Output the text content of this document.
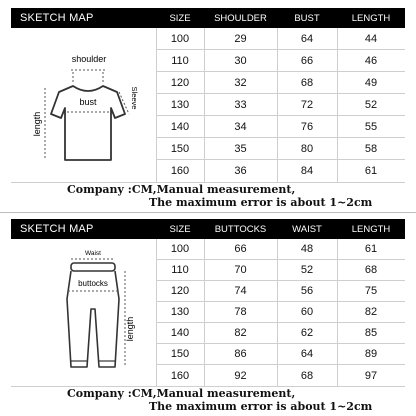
SKETCH MAP	SIZE	SHOULDER	BUST	LENGTH
shoulder
bust
length
Sleeve
100	29	64	44
110	30	66	46
120	32	68	49
130	33	72	52
140	34	76	55
150	35	80	58
160	36	84	61
Company :CM,Manual measurement,
The maximum error is about 1~2cm
SKETCH MAP	SIZE	BUTTOCKS	WAIST	LENGTH
Waist
buttocks
length
100	66	48	61
110	70	52	68
120	74	56	75
130	78	60	82
140	82	62	85
150	86	64	89
160	92	68	97
Company :CM,Manual measurement,
The maximum error is about 1~2cm
